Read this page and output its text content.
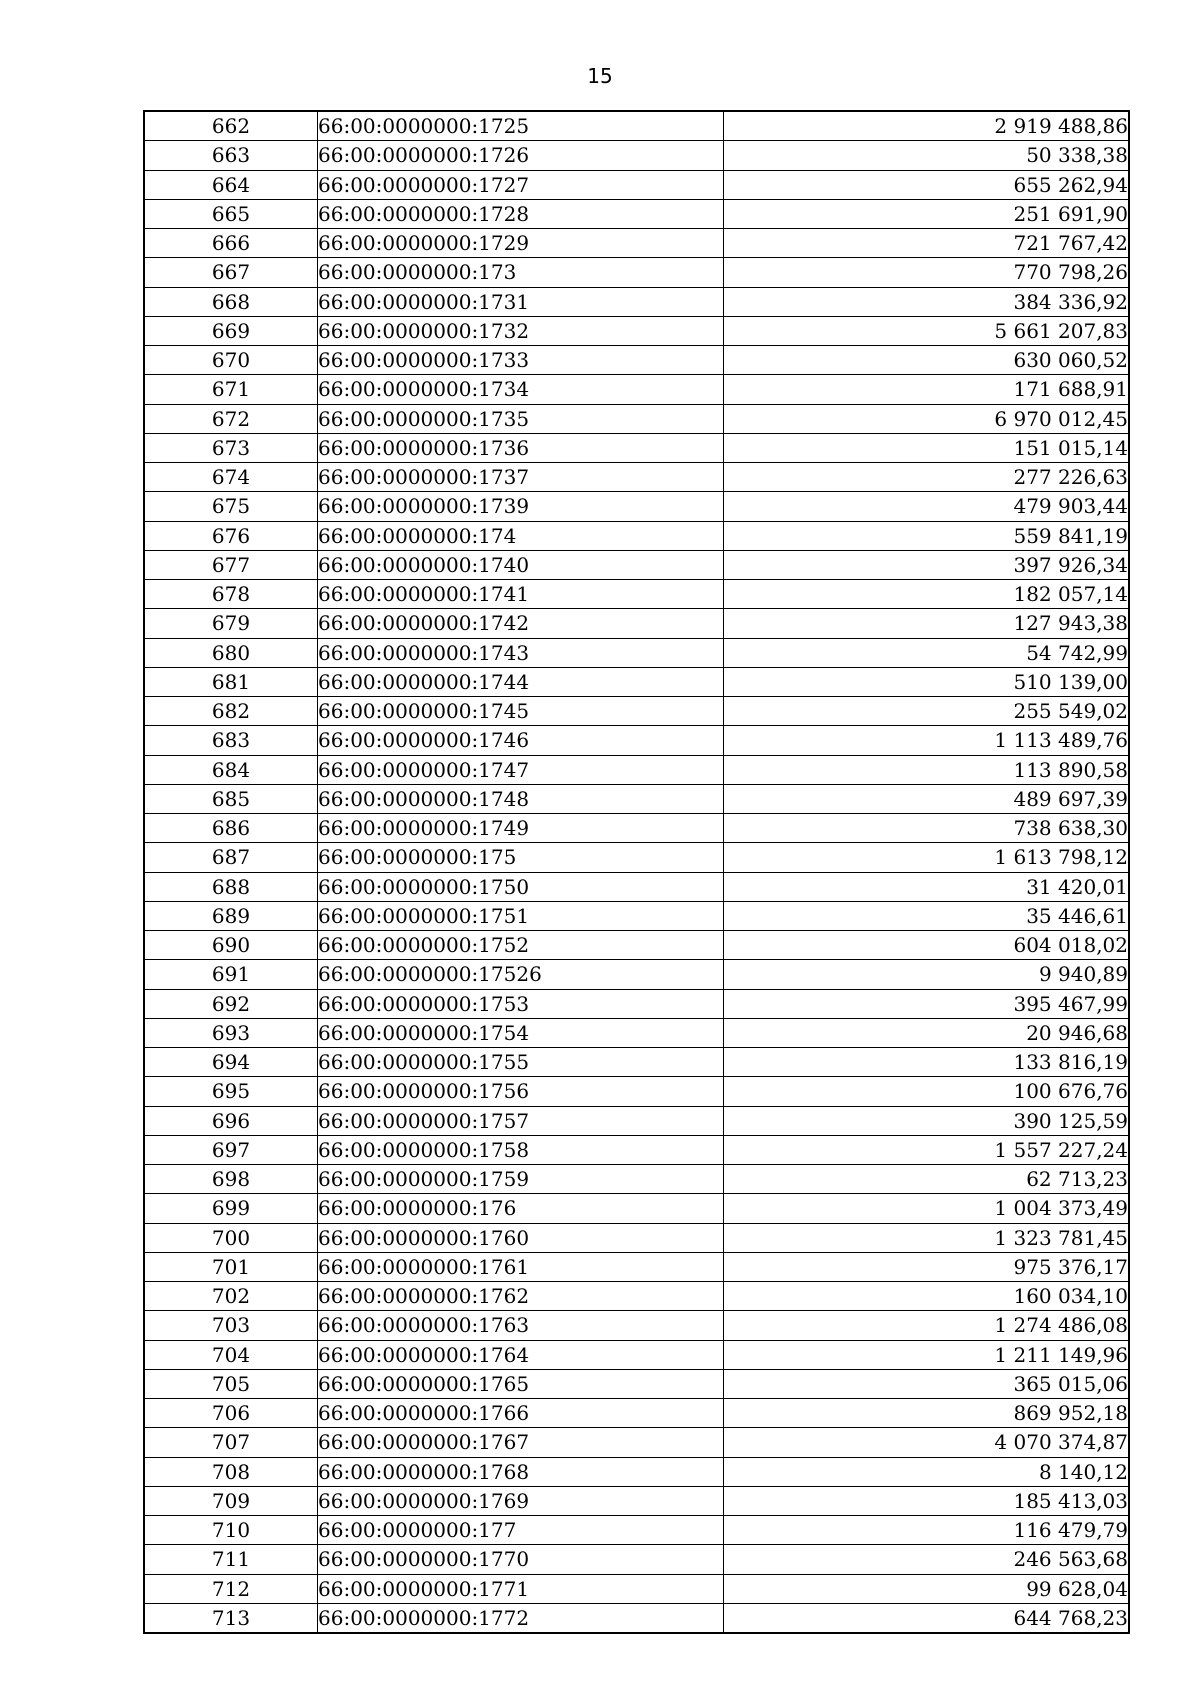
15
662	66:00:0000000:1725	2 919 488,86
663	66:00:0000000:1726	50 338,38
664	66:00:0000000:1727	655 262,94
665	66:00:0000000:1728	251 691,90
666	66:00:0000000:1729	721 767,42
667	66:00:0000000:173	770 798,26
668	66:00:0000000:1731	384 336,92
669	66:00:0000000:1732	5 661 207,83
670	66:00:0000000:1733	630 060,52
671	66:00:0000000:1734	171 688,91
672	66:00:0000000:1735	6 970 012,45
673	66:00:0000000:1736	151 015,14
674	66:00:0000000:1737	277 226,63
675	66:00:0000000:1739	479 903,44
676	66:00:0000000:174	559 841,19
677	66:00:0000000:1740	397 926,34
678	66:00:0000000:1741	182 057,14
679	66:00:0000000:1742	127 943,38
680	66:00:0000000:1743	54 742,99
681	66:00:0000000:1744	510 139,00
682	66:00:0000000:1745	255 549,02
683	66:00:0000000:1746	1 113 489,76
684	66:00:0000000:1747	113 890,58
685	66:00:0000000:1748	489 697,39
686	66:00:0000000:1749	738 638,30
687	66:00:0000000:175	1 613 798,12
688	66:00:0000000:1750	31 420,01
689	66:00:0000000:1751	35 446,61
690	66:00:0000000:1752	604 018,02
691	66:00:0000000:17526	9 940,89
692	66:00:0000000:1753	395 467,99
693	66:00:0000000:1754	20 946,68
694	66:00:0000000:1755	133 816,19
695	66:00:0000000:1756	100 676,76
696	66:00:0000000:1757	390 125,59
697	66:00:0000000:1758	1 557 227,24
698	66:00:0000000:1759	62 713,23
699	66:00:0000000:176	1 004 373,49
700	66:00:0000000:1760	1 323 781,45
701	66:00:0000000:1761	975 376,17
702	66:00:0000000:1762	160 034,10
703	66:00:0000000:1763	1 274 486,08
704	66:00:0000000:1764	1 211 149,96
705	66:00:0000000:1765	365 015,06
706	66:00:0000000:1766	869 952,18
707	66:00:0000000:1767	4 070 374,87
708	66:00:0000000:1768	8 140,12
709	66:00:0000000:1769	185 413,03
710	66:00:0000000:177	116 479,79
711	66:00:0000000:1770	246 563,68
712	66:00:0000000:1771	99 628,04
713	66:00:0000000:1772	644 768,23
